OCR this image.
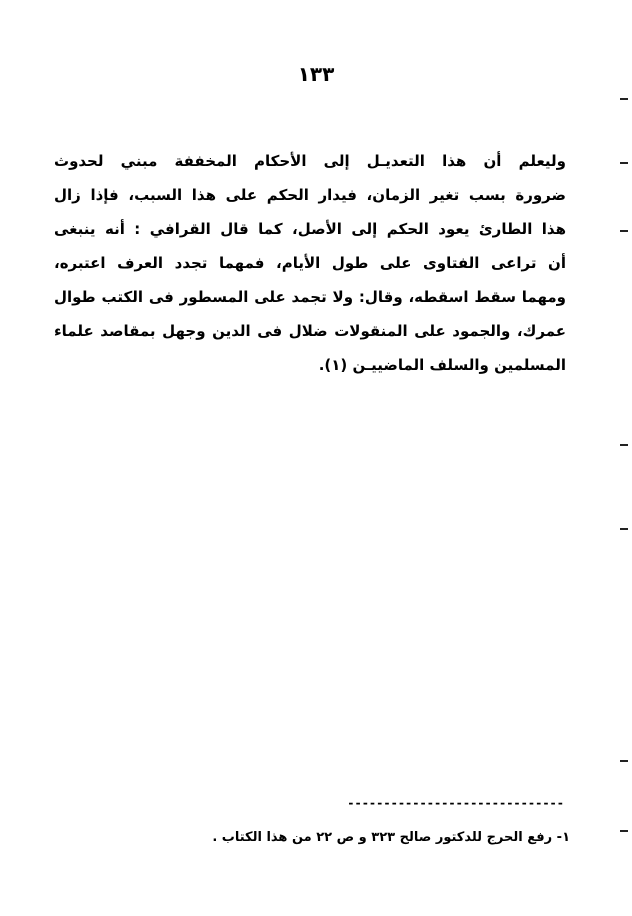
١٣٣
وليعلم أن هذا التعديـل إلى الأحكام المخففة مبني لحدوث
ضرورة بسب تغير الزمان، فيدار الحكم على هذا السبب، فإذا زال
هذا الطارئ يعود الحكم إلى الأصل، كما قال القرافي : أنه ينبغى
أن تراعى الفتاوى على طول الأيام، فمهما تجدد العرف اعتبره،
ومهما سقط اسقطه، وقال: ولا تجمد على المسطور فى الكتب طوال
عمرك، والجمود على المنقولات ضلال فى الدين وجهل بمقاصد علماء
المسلمين والسلف الماضييـن (١).
------------------------------
١- رفع الحرج للدكتور صالح ٣٢٣ و ص ٢٢ من هذا الكتاب .
